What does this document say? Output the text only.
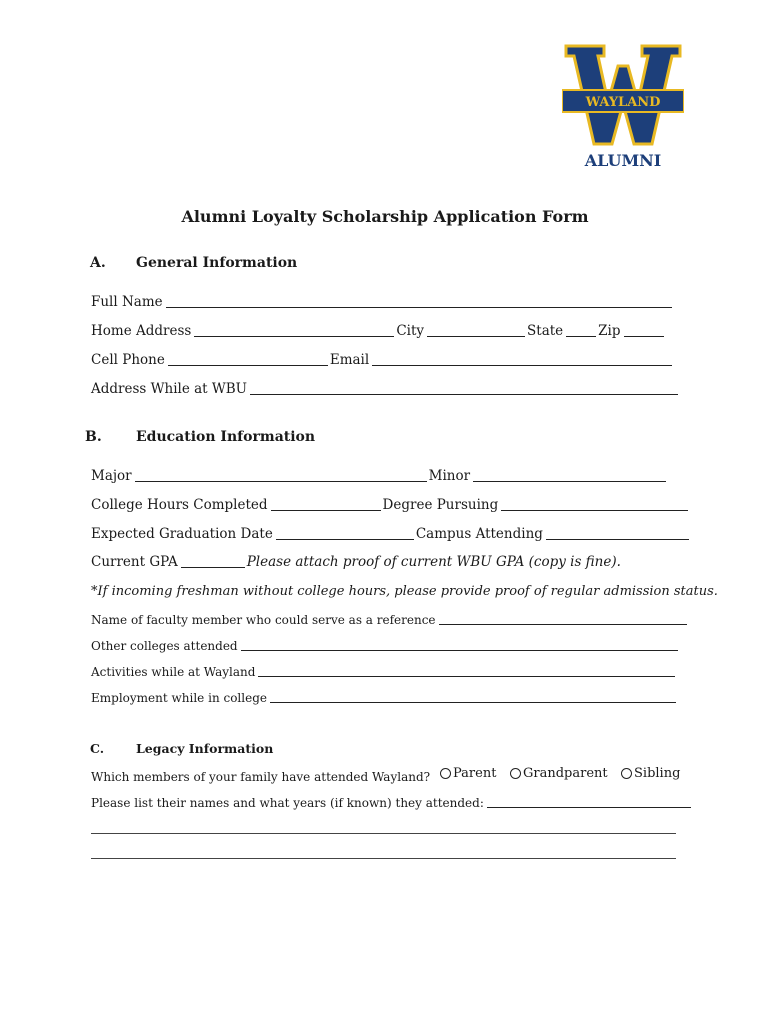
WAYLAND
ALUMNI
Alumni Loyalty Scholarship Application Form
A. General Information
Full Name
Home Address	City	State	Zip
Cell Phone	Email
Address While at WBU
B. Education Information
Major	Minor
College Hours Completed	Degree Pursuing
Expected Graduation Date	Campus Attending
Current GPA	Please attach proof of current WBU GPA (copy is fine).
*If incoming freshman without college hours, please provide proof of regular admission status.
Name of faculty member who could serve as a reference
Other colleges attended
Activities while at Wayland
Employment while in college
C.	Legacy Information
Which members of your family have attended Wayland? Parent Grandparent Sibling
Please list their names and what years (if known) they attended:
